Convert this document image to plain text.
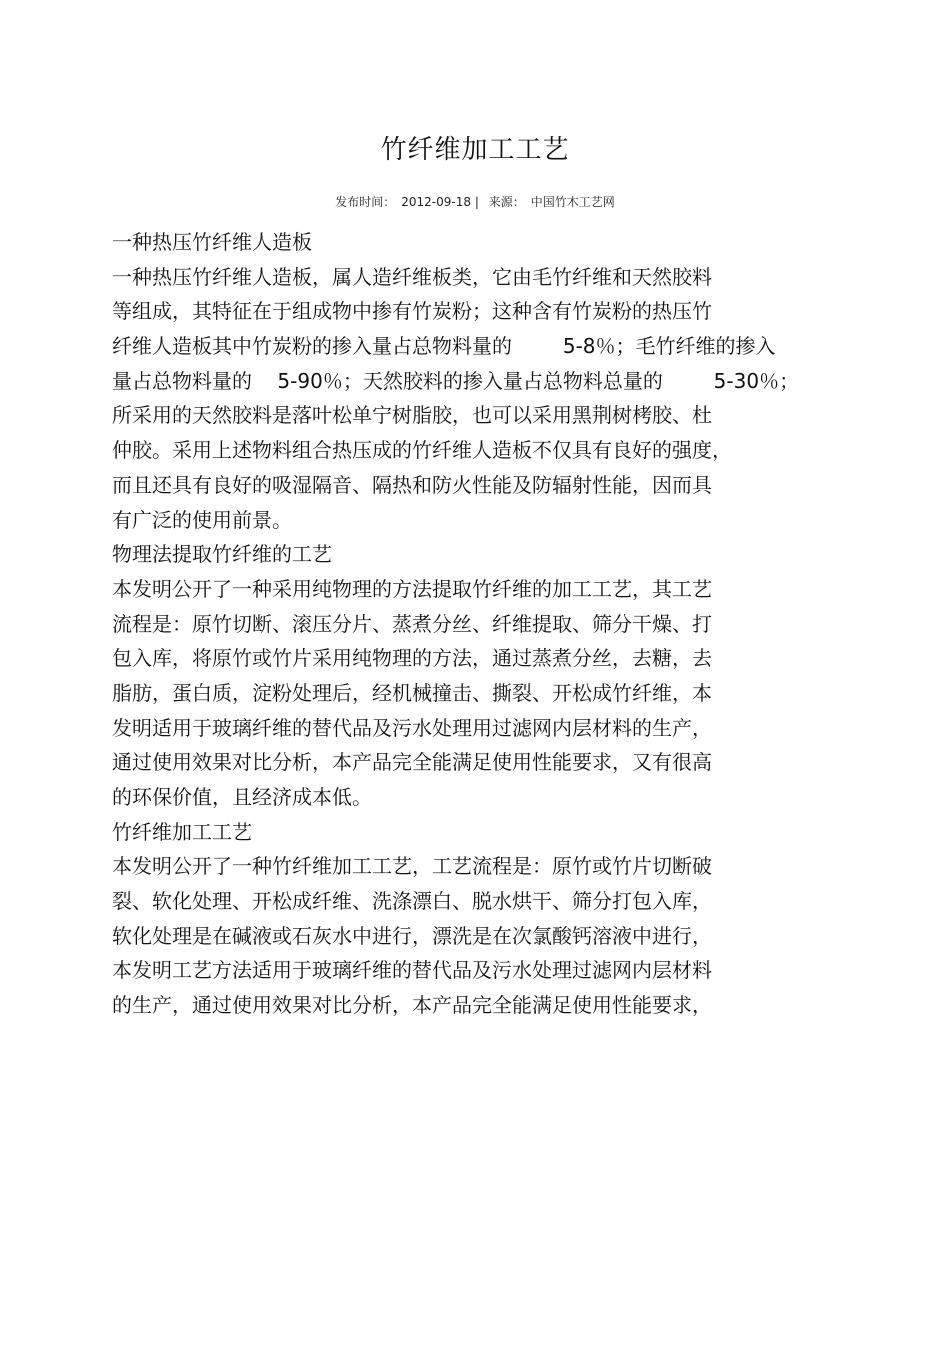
竹纤维加工工艺
发布时间： 2012-09-18 | 来源： 中国竹木工艺网
一种热压竹纤维人造板
一种热压竹纤维人造板，属人造纤维板类，它由毛竹纤维和天然胶料
等组成，其特征在于组成物中掺有竹炭粉；这种含有竹炭粉的热压竹
纤维人造板其中竹炭粉的掺入量占总物料量的        5-8％；毛竹纤维的掺入
量占总物料量的    5-90％；天然胶料的掺入量占总物料总量的        5-30％；
所采用的天然胶料是落叶松单宁树脂胶，也可以采用黑荆树栲胶、杜
仲胶。采用上述物料组合热压成的竹纤维人造板不仅具有良好的强度，
而且还具有良好的吸湿隔音、隔热和防火性能及防辐射性能，因而具
有广泛的使用前景。
物理法提取竹纤维的工艺
本发明公开了一种采用纯物理的方法提取竹纤维的加工工艺，其工艺
流程是：原竹切断、滚压分片、蒸煮分丝、纤维提取、筛分干燥、打
包入库，将原竹或竹片采用纯物理的方法，通过蒸煮分丝，去糖，去
脂肪，蛋白质，淀粉处理后，经机械撞击、撕裂、开松成竹纤维，本
发明适用于玻璃纤维的替代品及污水处理用过滤网内层材料的生产，
通过使用效果对比分析，本产品完全能满足使用性能要求，又有很高
的环保价值，且经济成本低。
竹纤维加工工艺
本发明公开了一种竹纤维加工工艺，工艺流程是：原竹或竹片切断破
裂、软化处理、开松成纤维、洗涤漂白、脱水烘干、筛分打包入库，
软化处理是在碱液或石灰水中进行，漂洗是在次氯酸钙溶液中进行，
本发明工艺方法适用于玻璃纤维的替代品及污水处理过滤网内层材料
的生产，通过使用效果对比分析，本产品完全能满足使用性能要求，
